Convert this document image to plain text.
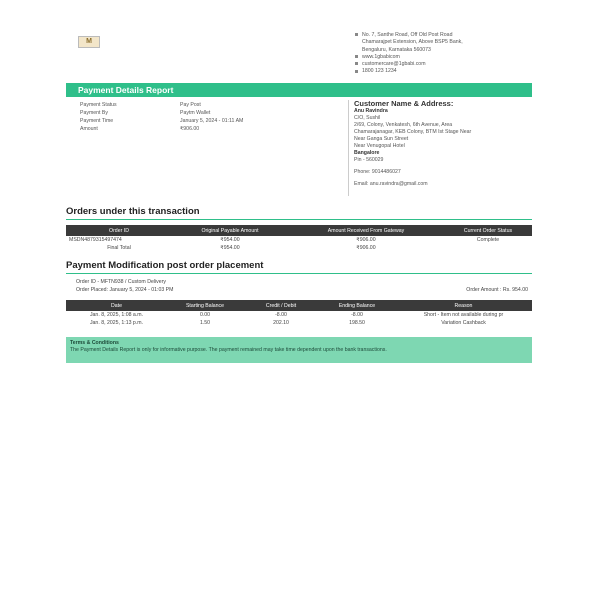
M
No. 7, Santhe Road, Off Old Post Road
Chamarajpet Extension, Above BSP5 Bank,
Bengaluru, Karnataka 560073
www.1gbabicom
customercare@1gbabi.com
1800 123 1234
Payment Details Report
Payment Status	Pay Post
Payment By	Paytm Wallet
Payment Time	January 5, 2024 - 01:11 AM
Amount	₹906.00
Customer Name & Address:
Anu Ravindra
C/O, Sushil
2/69, Colony, Venkatesh, 6th Avenue, Area
Chamarajanagar, KEB Colony, BTM Ist Stage Near
Near Ganga Sun Street
Near Venugopal Hotel
Bangalore
Pin - 560029
Phone: 9014486027
Email: anu.ravindra@gmail.com
Orders under this transaction
Order ID	Original Payable Amount	Amount Received From Gateway	Current Order Status
MSDN4879315497474	₹954.00	₹906.00	Complete
Final Total	₹954.00	₹906.00	
Payment Modification post order placement
Order ID - MFTN938 / Custom Delivery
Order Placed: January 5, 2024 - 01:03 PM	Order Amount : Rs. 954.00
Date	Starting Balance	Credit / Debit	Ending Balance	Reason
Jan. 8, 2025, 1:08 a.m.	0.00	-8.00	-8.00	Short - Item not available during pr
Jan. 8, 2025, 1:13 p.m.	1.50	202.10	198.50	Variation Cashback
Terms & Conditions
The Payment Details Report is only for informative purpose. The payment remained may take time dependent upon the bank transactions.
